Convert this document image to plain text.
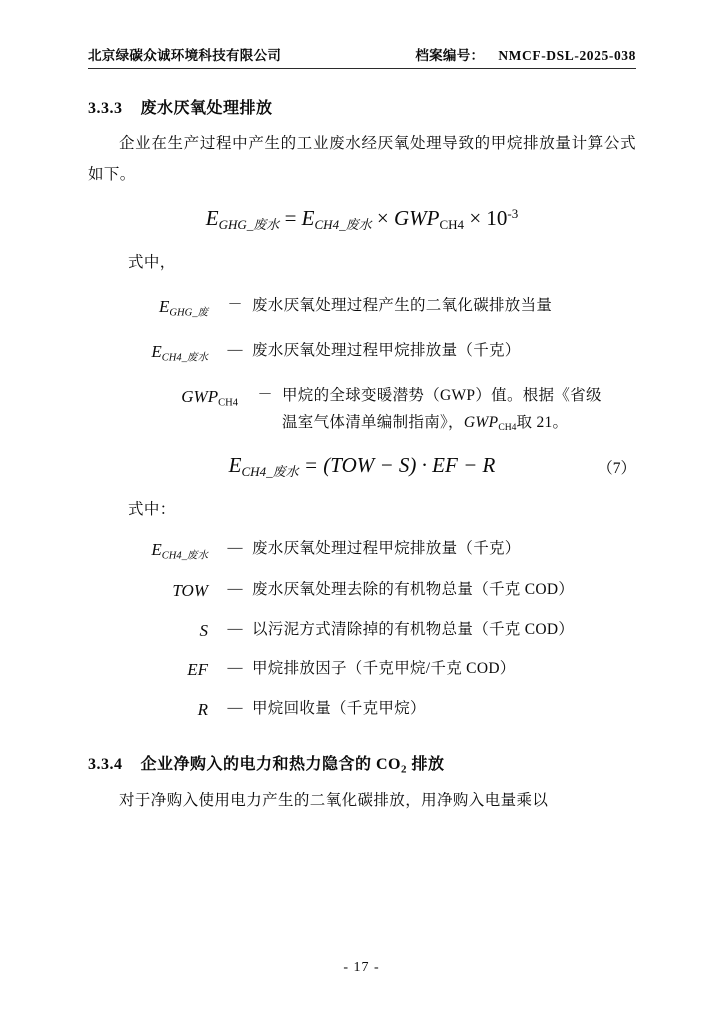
北京绿碳众诚环境科技有限公司	档案编号： NMCF-DSL-2025-038
3.3.3 废水厌氧处理排放

企业在生产过程中产生的工业废水经厌氧处理导致的甲烷排放量计算公式如下。

$E_{GHG\_废水} = E_{CH4\_废水} \times GWP_{CH4} \times 10^{-3}$

式中，

$E_{GHG\_废}$	－ 废水厌氧处理过程产生的二氧化碳排放当量
$E_{CH4\_废水}$	— 废水厌氧处理过程甲烷排放量（千克）
$GWP_{CH4}$	－ 甲烷的全球变暖潜势（GWP）值。根据《省级
温室气体清单编制指南》，$GWP_{CH4}$取 21。
$E_{CH4\_废水} = (TOW - S)$ · EF − R	（7）

式中：

$E_{CH4\_废水}$	— 废水厌氧处理过程甲烷排放量（千克）
TOW	— 废水厌氧处理去除的有机物总量（千克 COD）
S	— 以污泥方式清除掉的有机物总量（千克 COD）
EF	— 甲烷排放因子（千克甲烷/千克 COD）
R	— 甲烷回收量（千克甲烷）
3.3.4 企业净购入的电力和热力隐含的 $CO_2$ 排放

对于净购入使用电力产生的二氧化碳排放，用净购入电量乘以

- 17 -
